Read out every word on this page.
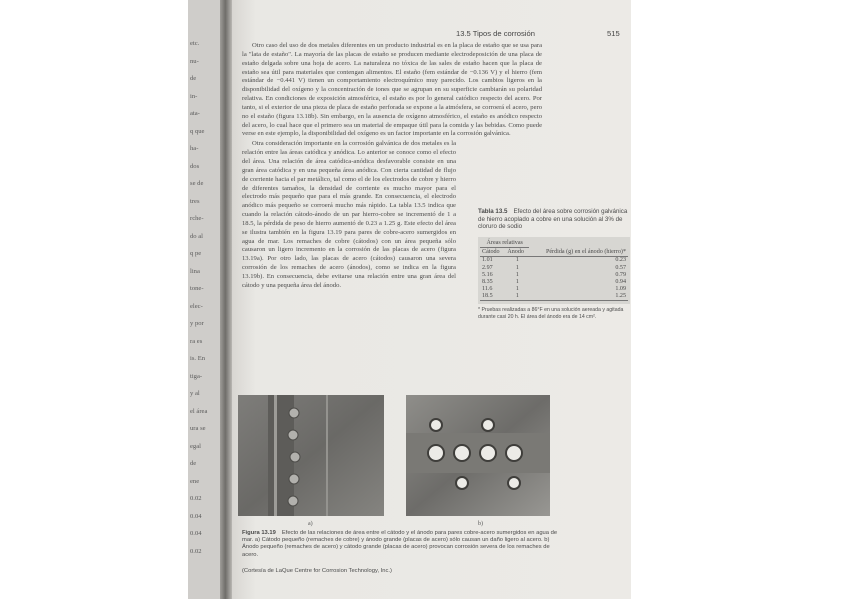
etc.
nu-
de
in-
ata-
q que
ha-
dos
se de
tres
rche-
do al
q pe
lina
tone-
elec-
y por
ra es
is. En
tiga-
y al
el área
ura se
egal
de
ene
0.02
0.04
0.04
0.02
13.5 Tipos de corrosión	515

Otro caso del uso de dos metales diferentes en un producto industrial es en la placa de estaño que se usa para la "lata de estaño". La mayoría de las placas de estaño se producen mediante electrodeposición de una placa de estaño delgada sobre una hoja de acero. La naturaleza no tóxica de las sales de estaño hacen que la placa de estaño sea útil para materiales que contengan alimentos. El estaño (fem estándar de −0.136 V) y el hierro (fem estándar de −0.441 V) tienen un comportamiento electroquímico muy parecido. Los cambios ligeros en la disponibilidad del oxígeno y la concentración de iones que se agrupan en su superficie cambiarán su polaridad relativa. En condiciones de exposición atmosférica, el estaño es por lo general catódico respecto del acero. Por tanto, si el exterior de una pieza de placa de estaño perforada se expone a la atmósfera, se corroerá el acero, pero no el estaño (figura 13.18b). Sin embargo, en la ausencia de oxígeno atmosférico, el estaño es anódico respecto del acero, lo cual hace que el primero sea un material de empaque útil para la comida y las bebidas. Como puede verse en este ejemplo, la disponibilidad del oxígeno es un factor importante en la corrosión galvánica.

Otra consideración importante en la corrosión galvánica de dos metales es la relación entre las áreas catódica y anódica. Lo anterior se conoce como el efecto del área. Una relación de área catódica-anódica desfavorable consiste en una gran área catódica y en una pequeña área anódica. Con cierta cantidad de flujo de corriente hacia el par metálico, tal como el de los electrodos de cobre y hierro de diferentes tamaños, la densidad de corriente es mucho mayor para el electrodo más pequeño que para el más grande. En consecuencia, el electrodo anódico más pequeño se corroerá mucho más rápido. La tabla 13.5 indica que cuando la relación cátodo-ánodo de un par hierro-cobre se incrementó de 1 a 18.5, la pérdida de peso de hierro aumentó de 0.23 a 1.25 g. Este efecto del área se ilustra también en la figura 13.19 para pares de cobre-acero sumergidos en agua de mar. Los remaches de cobre (cátodos) con un área pequeña sólo causaron un ligero incremento en la corrosión de las placas de acero (figura 13.19a). Por otro lado, las placas de acero (cátodos) causaron una severa corrosión de los remaches de acero (ánodos), como se indica en la figura 13.19b). En consecuencia, debe evitarse una relación entre una gran área del cátodo y una pequeña área del ánodo.

Tabla 13.5 Efecto del área sobre corrosión galvánica de hierro acoplado a cobre en una solución al 3% de cloruro de sodio
Áreas relativas		
Cátodo	Ánodo	Pérdida (g) en el ánodo (hierro)*
1.01	1	0.23
2.97	1	0.57
5.16	1	0.79
8.35	1	0.94
11.6	1	1.09
18.5	1	1.25
* Pruebas realizadas a 86°F en una solución aereada y agitada durante casi 20 h. El área del ánodo era de 14 cm².
a)	b)
Figura 13.19 Efecto de las relaciones de área entre el cátodo y el ánodo para pares cobre-acero sumergidos en agua de mar. a) Cátodo pequeño (remaches de cobre) y ánodo grande (placas de acero) sólo causan un daño ligero al acero. b) Ánodo pequeño (remaches de acero) y cátodo grande (placas de acero) provocan corrosión severa de los remaches de acero.
(Cortesía de LaQue Centre for Corrosion Technology, Inc.)
